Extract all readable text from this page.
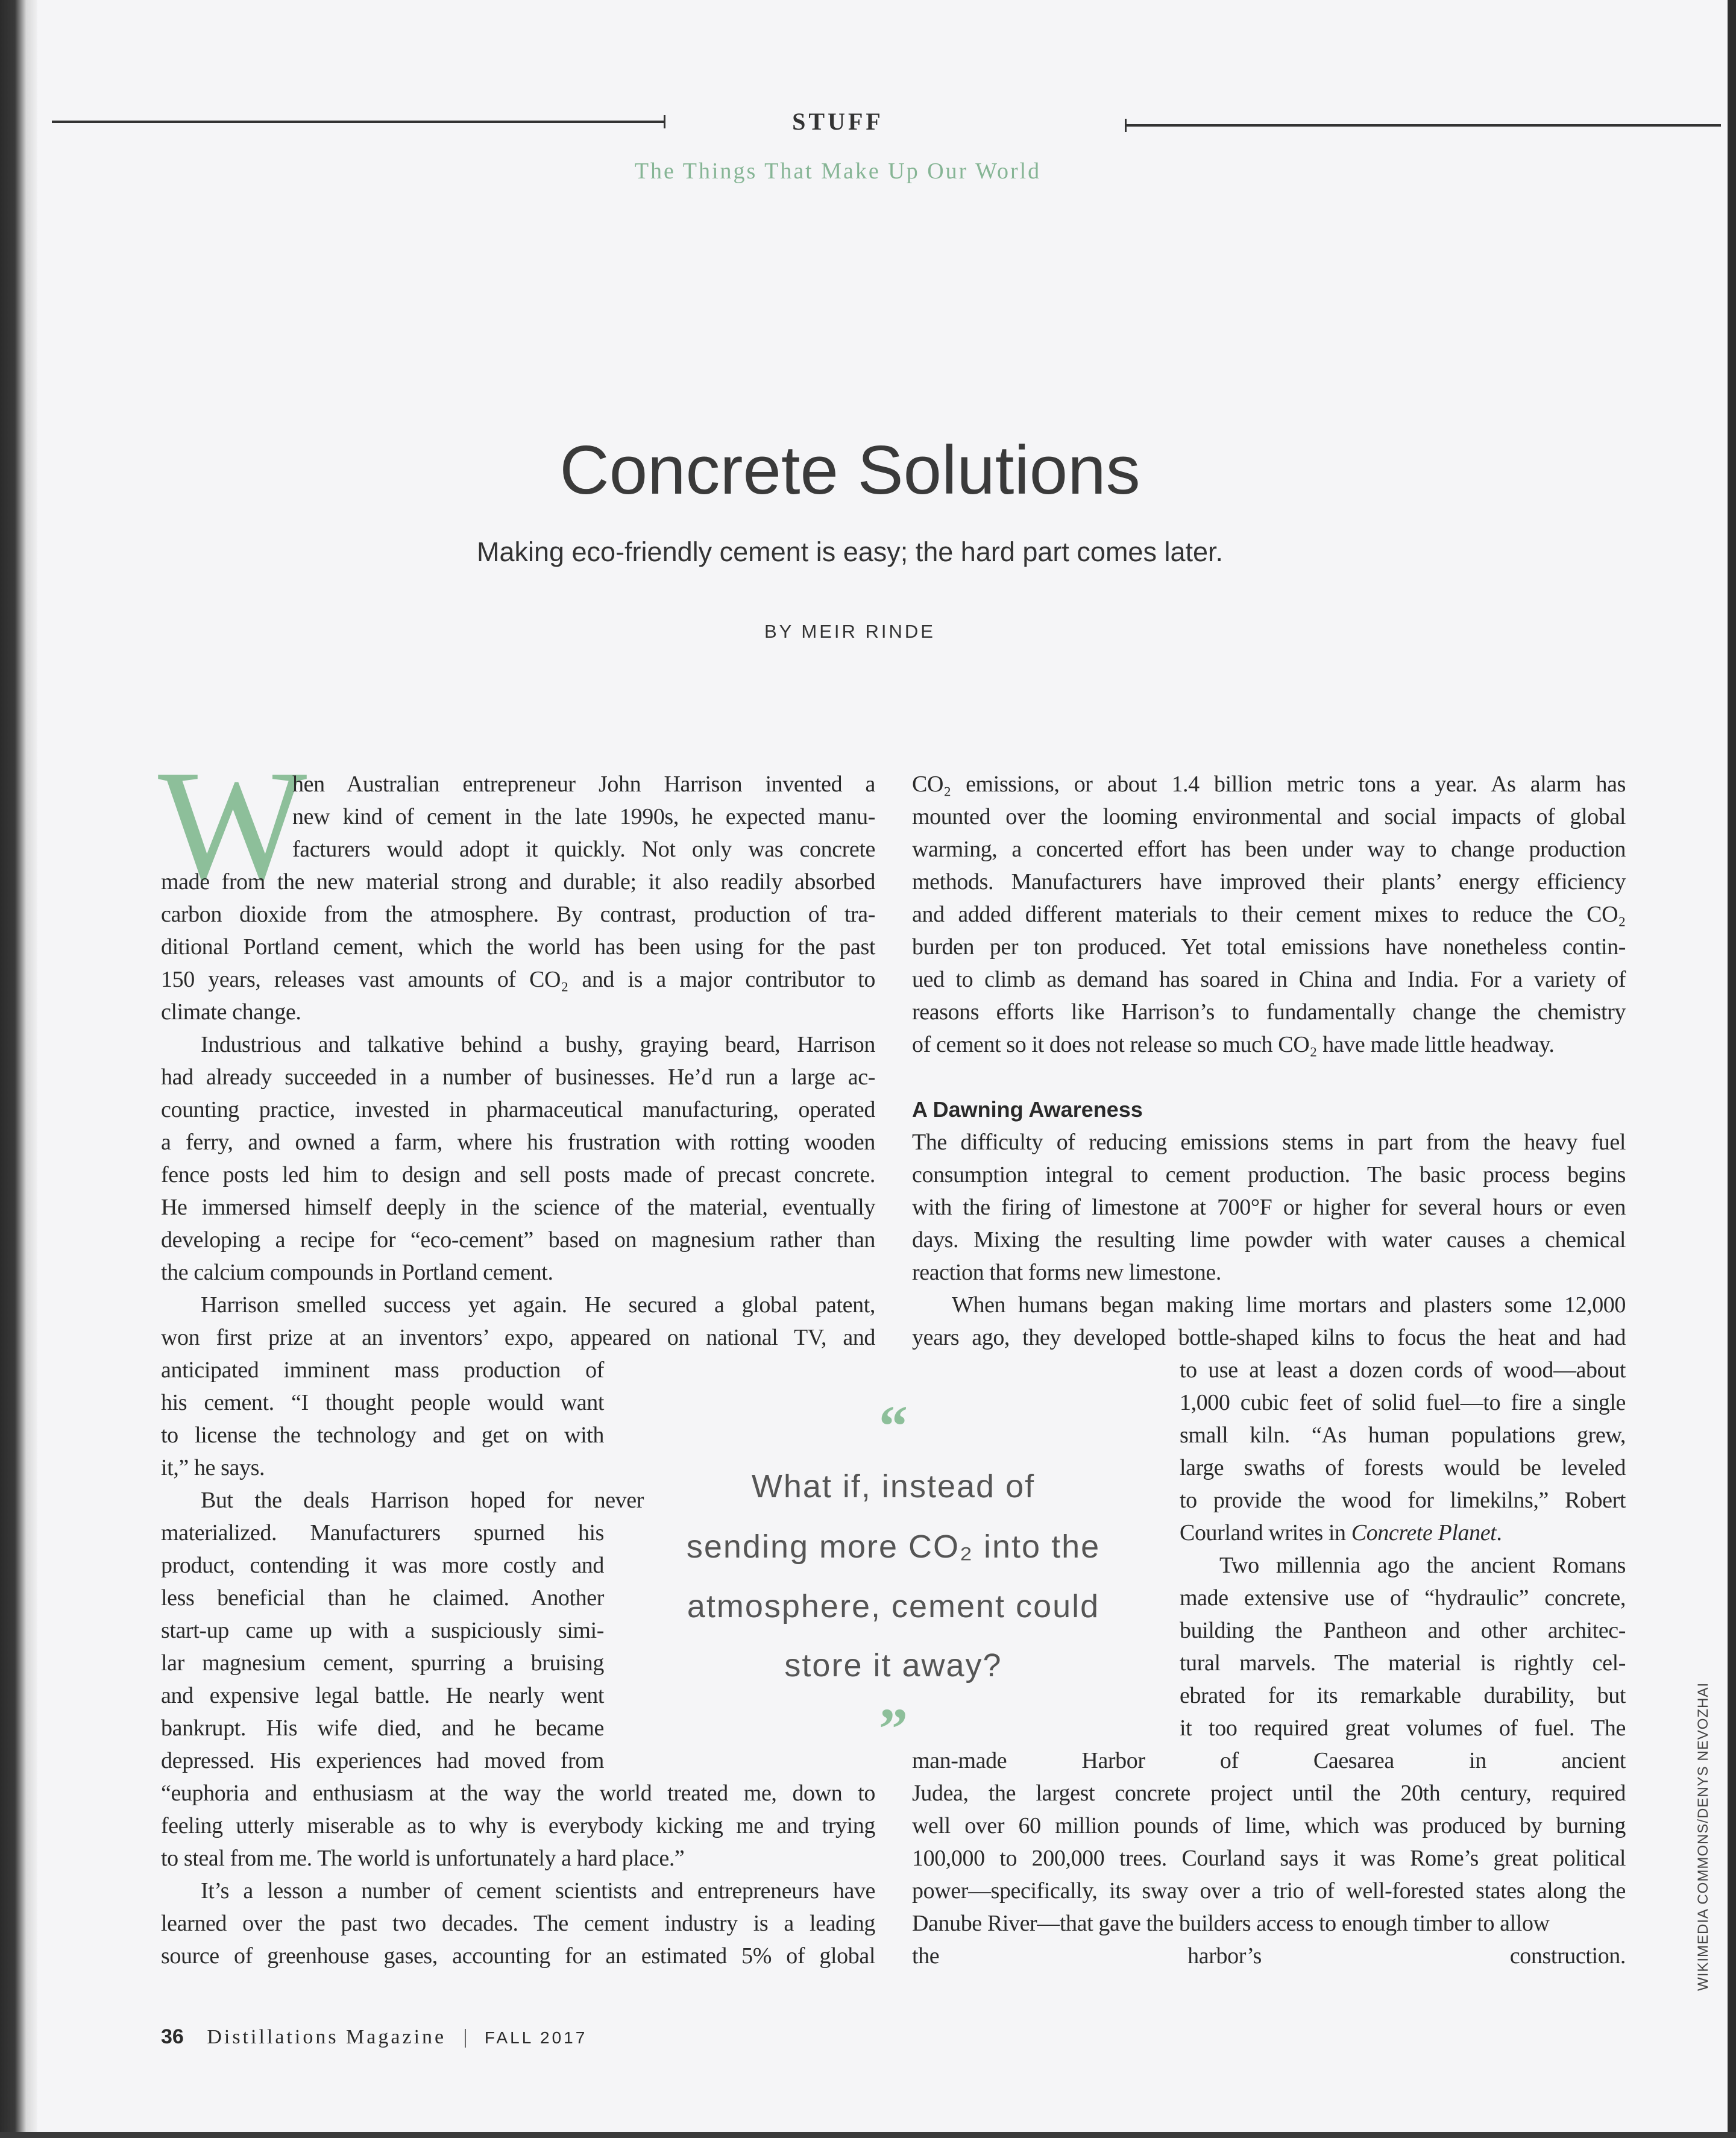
STUFF
The Things That Make Up Our World
Concrete Solutions
Making eco-friendly cement is easy; the hard part comes later.
BY MEIR RINDE
W
hen Australian entrepreneur John Harrison invented a
new kind of cement in the late 1990s, he expected manu-
facturers would adopt it quickly. Not only was concrete
made from the new material strong and durable; it also readily absorbed
carbon dioxide from the atmosphere. By contrast, production of tra-
ditional Portland cement, which the world has been using for the past
150 years, releases vast amounts of CO₂ and is a major contributor to
climate change.
Industrious and talkative behind a bushy, graying beard, Harrison
had already succeeded in a number of businesses. He’d run a large ac-
counting practice, invested in pharmaceutical manufacturing, operated
a ferry, and owned a farm, where his frustration with rotting wooden
fence posts led him to design and sell posts made of precast concrete.
He immersed himself deeply in the science of the material, eventually
developing a recipe for “eco-cement” based on magnesium rather than
the calcium compounds in Portland cement.
Harrison smelled success yet again. He secured a global patent,
won first prize at an inventors’ expo, appeared on national TV, and
anticipated imminent mass production of
his cement. “I thought people would want
to license the technology and get on with
it,” he says.
But the deals Harrison hoped for never
materialized. Manufacturers spurned his
product, contending it was more costly and
less beneficial than he claimed. Another
start-up came up with a suspiciously simi-
lar magnesium cement, spurring a bruising
and expensive legal battle. He nearly went
bankrupt. His wife died, and he became
depressed. His experiences had moved from
“euphoria and enthusiasm at the way the world treated me, down to
feeling utterly miserable as to why is everybody kicking me and trying
to steal from me. The world is unfortunately a hard place.”
It’s a lesson a number of cement scientists and entrepreneurs have
learned over the past two decades. The cement industry is a leading
source of greenhouse gases, accounting for an estimated 5% of global
CO₂ emissions, or about 1.4 billion metric tons a year. As alarm has
mounted over the looming environmental and social impacts of global
warming, a concerted effort has been under way to change production
methods. Manufacturers have improved their plants’ energy efficiency
and added different materials to their cement mixes to reduce the CO₂
burden per ton produced. Yet total emissions have nonetheless contin-
ued to climb as demand has soared in China and India. For a variety of
reasons efforts like Harrison’s to fundamentally change the chemistry
of cement so it does not release so much CO₂ have made little headway.

A Dawning Awareness
The difficulty of reducing emissions stems in part from the heavy fuel
consumption integral to cement production. The basic process begins
with the firing of limestone at 700°F or higher for several hours or even
days. Mixing the resulting lime powder with water causes a chemical
reaction that forms new limestone.
When humans began making lime mortars and plasters some 12,000
years ago, they developed bottle-shaped kilns to focus the heat and had
to use at least a dozen cords of wood—about
1,000 cubic feet of solid fuel—to fire a single
small kiln. “As human populations grew,
large swaths of forests would be leveled
to provide the wood for limekilns,” Robert
Courland writes in Concrete Planet.
Two millennia ago the ancient Romans
made extensive use of “hydraulic” concrete,
building the Pantheon and other architec-
tural marvels. The material is rightly cel-
ebrated for its remarkable durability, but
it too required great volumes of fuel. The
man-made Harbor of Caesarea in ancient
Judea, the largest concrete project until the 20th century, required
well over 60 million pounds of lime, which was produced by burning
100,000 to 200,000 trees. Courland says it was Rome’s great political
power—specifically, its sway over a trio of well-forested states along the
Danube River—that gave the builders access to enough timber to allow
the harbor’s construction.
“
What if, instead of
sending more CO₂ into the
atmosphere, cement could
store it away?
”
36 Distillations Magazine | FALL 2017
WIKIMEDIA COMMONS/DENYS NEVOZHAI
